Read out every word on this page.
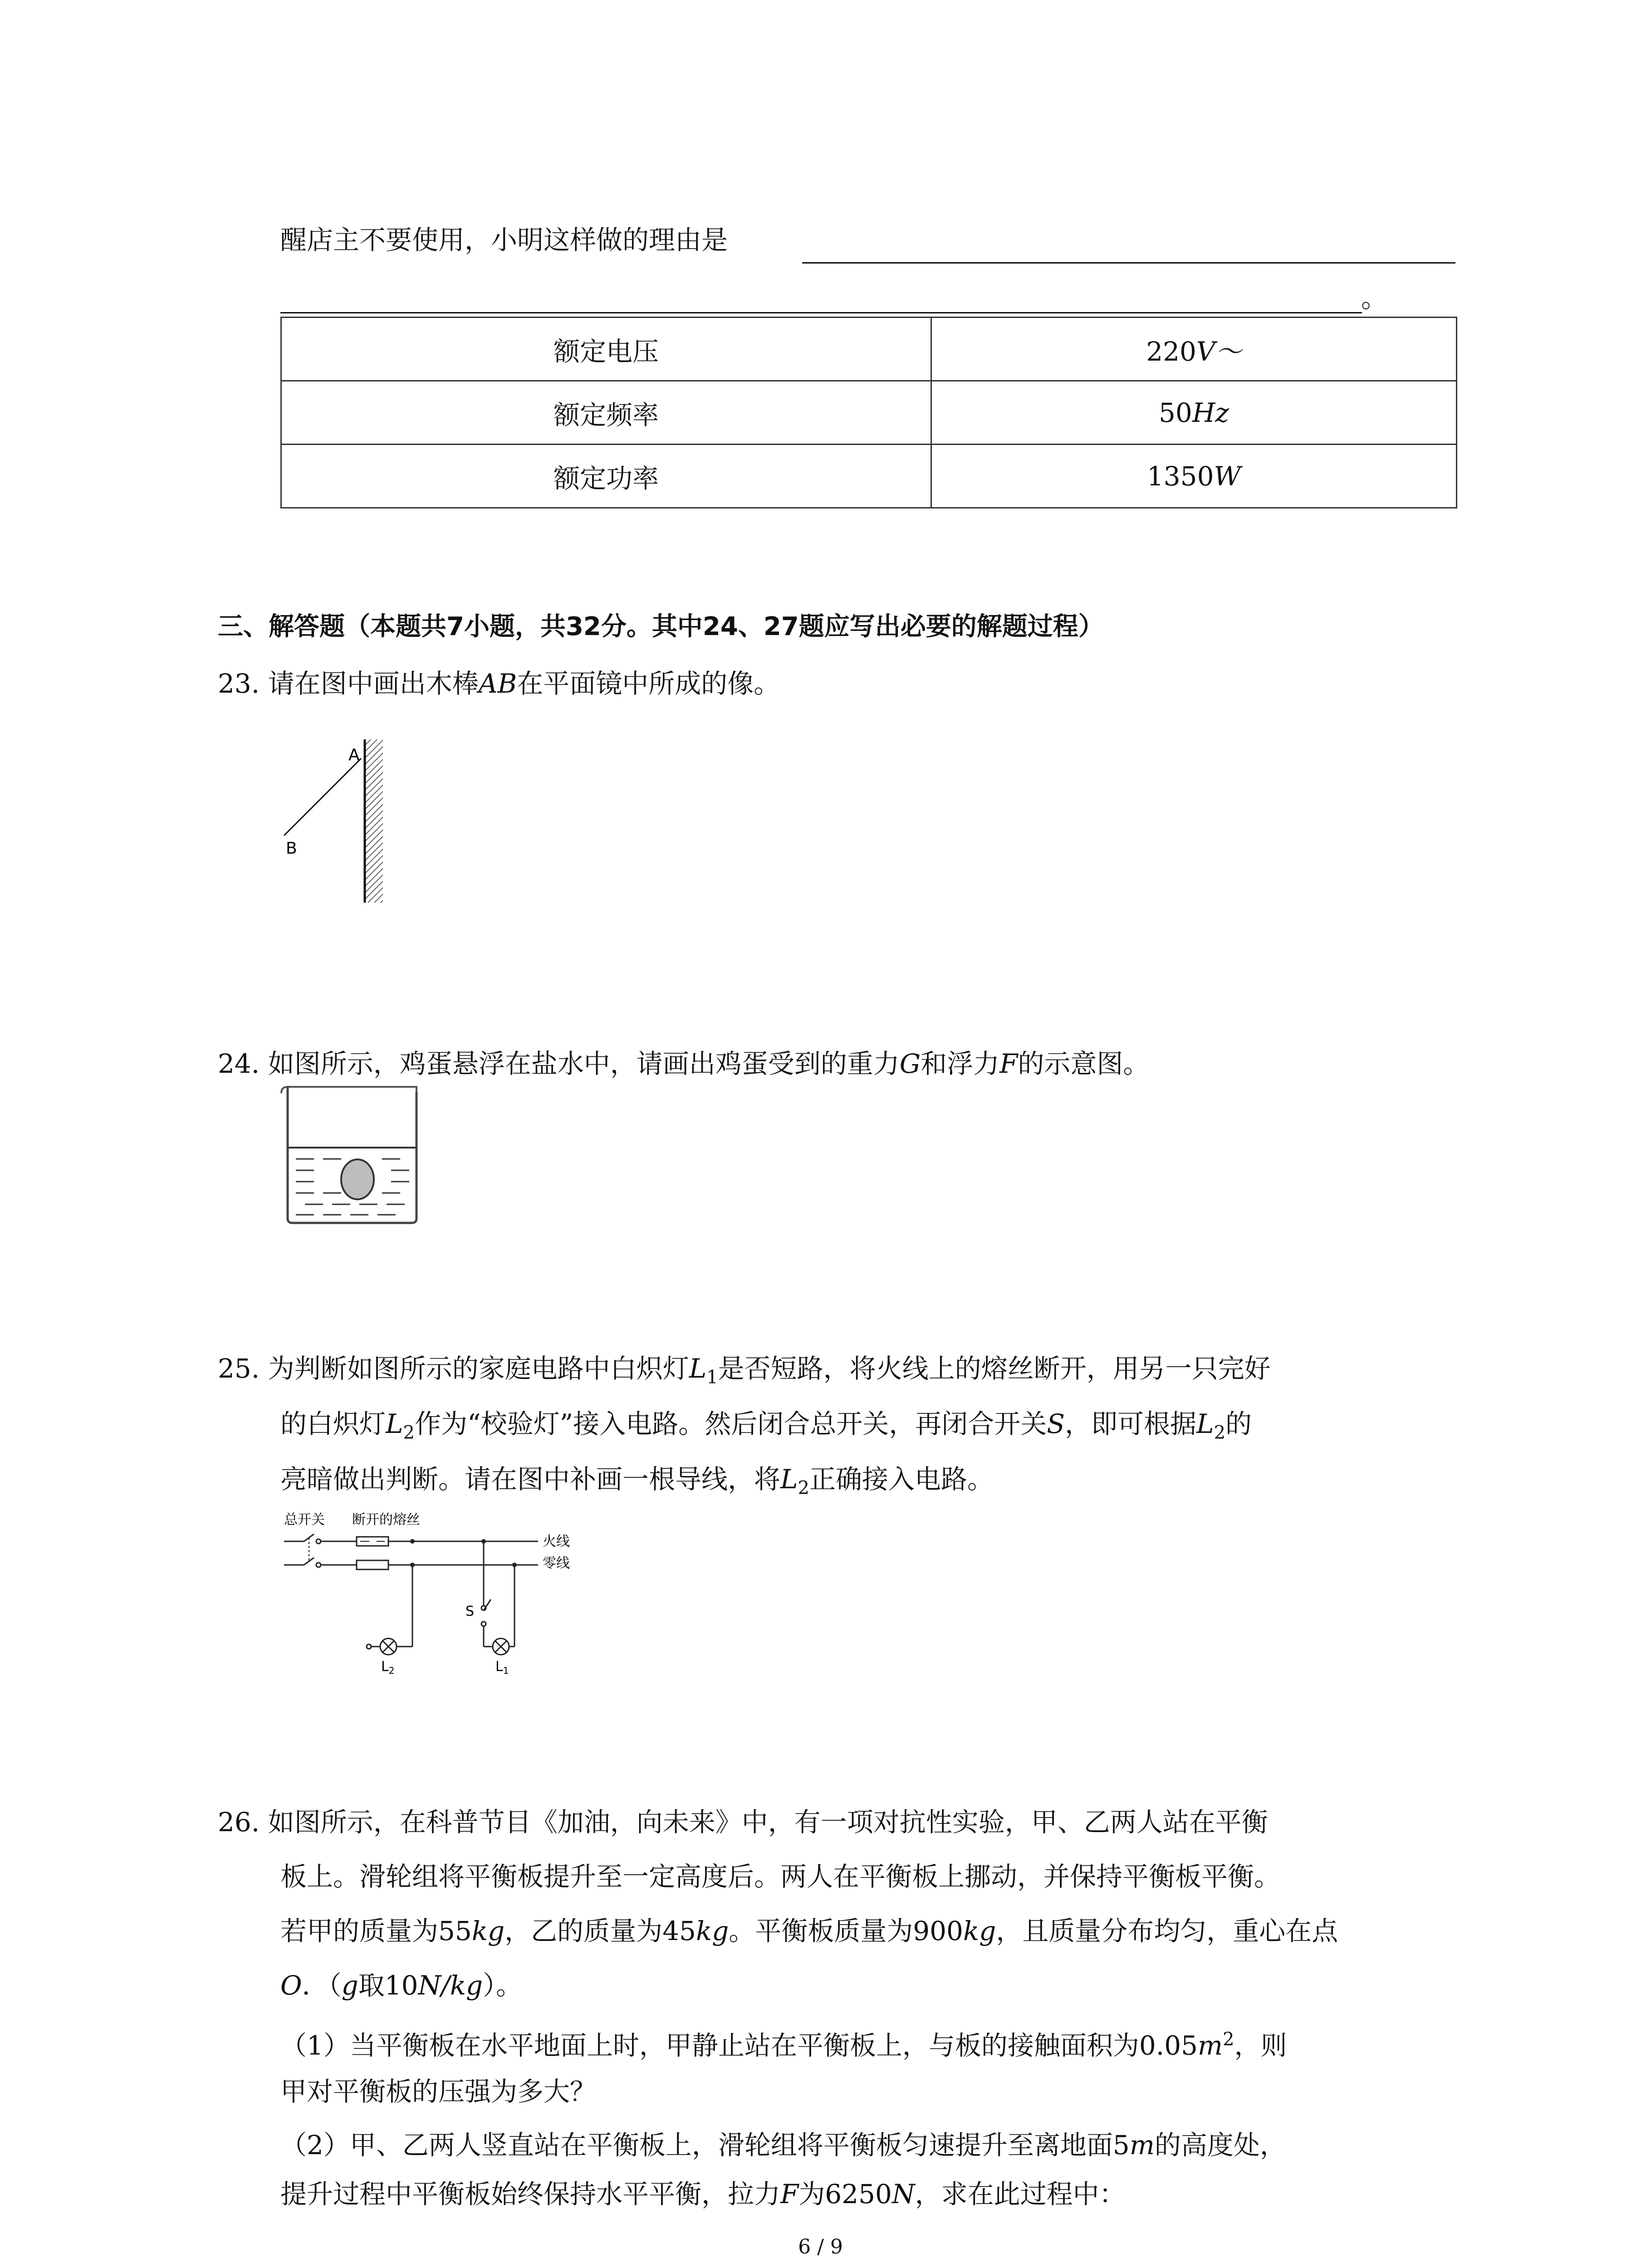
醒店主不要使用，小明这样做的理由是
。
额定电压	220V～
额定频率	50Hz
额定功率	1350W
三、解答题（本题共7小题，共32分。其中24、27题应写出必要的解题过程）
23. 请在图中画出木棒AB在平面镜中所成的像。
A
B
24. 如图所示，鸡蛋悬浮在盐水中，请画出鸡蛋受到的重力G和浮力F的示意图。
25. 为判断如图所示的家庭电路中白炽灯$L_1$是否短路，将火线上的熔丝断开，用另一只完好
的白炽灯$L_2$作为“校验灯”接入电路。然后闭合总开关，再闭合开关S，即可根据$L_2$的
亮暗做出判断。请在图中补画一根导线，将$L_2$正确接入电路。
总开关 断开的熔丝
火线
零线
$L_2$
S
$L_1$
26. 如图所示，在科普节目《加油，向未来》中，有一项对抗性实验，甲、乙两人站在平衡
板上。滑轮组将平衡板提升至一定高度后。两人在平衡板上挪动，并保持平衡板平衡。
若甲的质量为55kg，乙的质量为45kg。平衡板质量为900kg，且质量分布均匀，重心在点
O．（g取10N/kg）。
（1）当平衡板在水平地面上时，甲静止站在平衡板上，与板的接触面积为$0.05m^2$，则
甲对平衡板的压强为多大？
（2）甲、乙两人竖直站在平衡板上，滑轮组将平衡板匀速提升至离地面5m的高度处，
提升过程中平衡板始终保持水平平衡，拉力F为6250N，求在此过程中：
6 / 9
